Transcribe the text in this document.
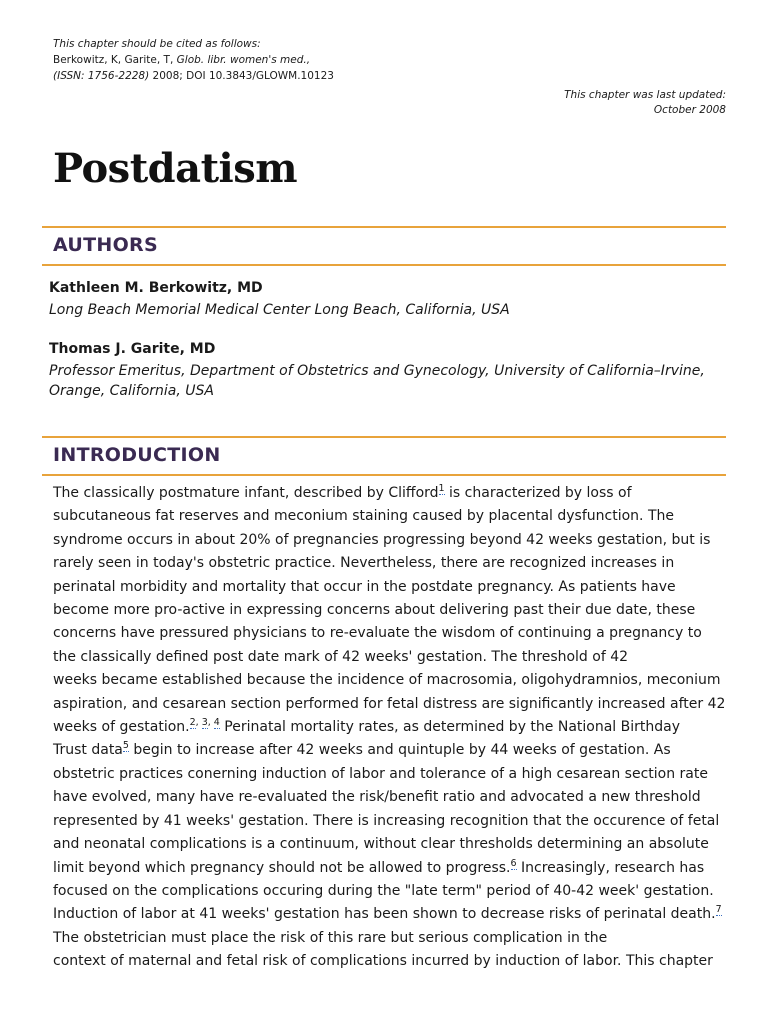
This chapter should be cited as follows:
Berkowitz, K, Garite, T, Glob. libr. women's med.,
(ISSN: 1756-2228) 2008; DOI 10.3843/GLOWM.10123
This chapter was last updated:
October 2008
Postdatism
AUTHORS
Kathleen M. Berkowitz, MD
Long Beach Memorial Medical Center Long Beach, California, USA
Thomas J. Garite, MD
Professor Emeritus, Department of Obstetrics and Gynecology, University of California–Irvine,
Orange, California, USA
INTRODUCTION
The classically postmature infant, described by Clifford$^1$ is characterized by loss of
subcutaneous fat reserves and meconium staining caused by placental dysfunction. The
syndrome occurs in about 20% of pregnancies progressing beyond 42 weeks gestation, but is
rarely seen in today's obstetric practice. Nevertheless, there are recognized increases in
perinatal morbidity and mortality that occur in the postdate pregnancy. As patients have
become more pro-active in expressing concerns about delivering past their due date, these
concerns have pressured physicians to re-evaluate the wisdom of continuing a pregnancy to
the classically defined post date mark of 42 weeks' gestation. The threshold of 42
weeks became established because the incidence of macrosomia, oligohydramnios, meconium
aspiration, and cesarean section performed for fetal distress are significantly increased after 42
weeks of gestation.$^{2,}$ $^{3,}$ $^4$ Perinatal mortality rates, as determined by the National Birthday
Trust data$^5$ begin to increase after 42 weeks and quintuple by 44 weeks of gestation. As
obstetric practices conerning induction of labor and tolerance of a high cesarean section rate
have evolved, many have re-evaluated the risk/benefit ratio and advocated a new threshold
represented by 41 weeks' gestation. There is increasing recognition that the occurence of fetal
and neonatal complications is a continuum, without clear thresholds determining an absolute
limit beyond which pregnancy should not be allowed to progress.$^6$ Increasingly, research has
focused on the complications occuring during the "late term" period of 40-42 week' gestation.
Induction of labor at 41 weeks' gestation has been shown to decrease risks of perinatal death.$^7$
The obstetrician must place the risk of this rare but serious complication in the
context of maternal and fetal risk of complications incurred by induction of labor. This chapter
